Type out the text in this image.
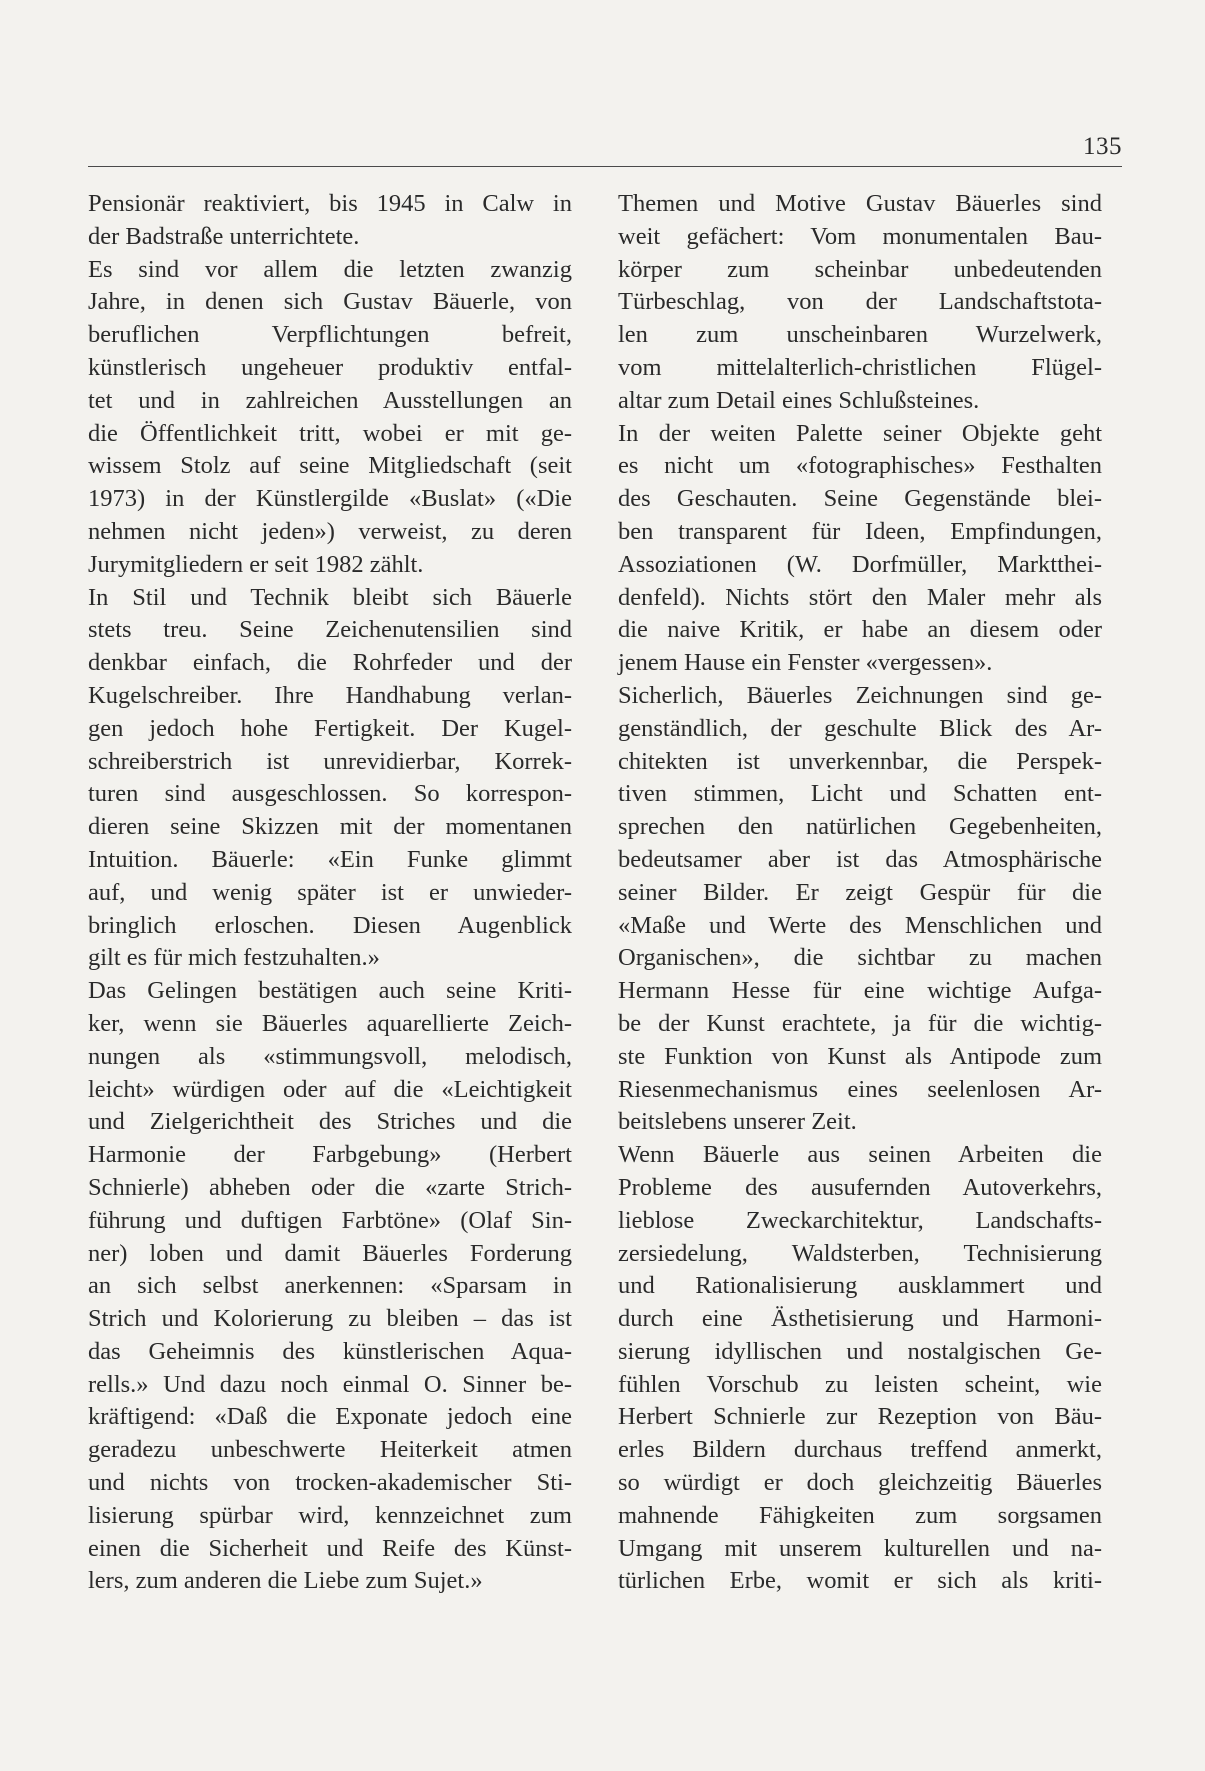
135
Pensionär reaktiviert, bis 1945 in Calw in
der Badstraße unterrichtete.
Es sind vor allem die letzten zwanzig
Jahre, in denen sich Gustav Bäuerle, von
beruflichen Verpflichtungen befreit,
künstlerisch ungeheuer produktiv entfal-
tet und in zahlreichen Ausstellungen an
die Öffentlichkeit tritt, wobei er mit ge-
wissem Stolz auf seine Mitgliedschaft (seit
1973) in der Künstlergilde «Buslat» («Die
nehmen nicht jeden») verweist, zu deren
Jurymitgliedern er seit 1982 zählt.
In Stil und Technik bleibt sich Bäuerle
stets treu. Seine Zeichenutensilien sind
denkbar einfach, die Rohrfeder und der
Kugelschreiber. Ihre Handhabung verlan-
gen jedoch hohe Fertigkeit. Der Kugel-
schreiberstrich ist unrevidierbar, Korrek-
turen sind ausgeschlossen. So korrespon-
dieren seine Skizzen mit der momentanen
Intuition. Bäuerle: «Ein Funke glimmt
auf, und wenig später ist er unwieder-
bringlich erloschen. Diesen Augenblick
gilt es für mich festzuhalten.»
Das Gelingen bestätigen auch seine Kriti-
ker, wenn sie Bäuerles aquarellierte Zeich-
nungen als «stimmungsvoll, melodisch,
leicht» würdigen oder auf die «Leichtigkeit
und Zielgerichtheit des Striches und die
Harmonie der Farbgebung» (Herbert
Schnierle) abheben oder die «zarte Strich-
führung und duftigen Farbtöne» (Olaf Sin-
ner) loben und damit Bäuerles Forderung
an sich selbst anerkennen: «Sparsam in
Strich und Kolorierung zu bleiben – das ist
das Geheimnis des künstlerischen Aqua-
rells.» Und dazu noch einmal O. Sinner be-
kräftigend: «Daß die Exponate jedoch eine
geradezu unbeschwerte Heiterkeit atmen
und nichts von trocken-akademischer Sti-
lisierung spürbar wird, kennzeichnet zum
einen die Sicherheit und Reife des Künst-
lers, zum anderen die Liebe zum Sujet.»
Themen und Motive Gustav Bäuerles sind
weit gefächert: Vom monumentalen Bau-
körper zum scheinbar unbedeutenden
Türbeschlag, von der Landschaftstota-
len zum unscheinbaren Wurzelwerk,
vom mittelalterlich-christlichen Flügel-
altar zum Detail eines Schlußsteines.
In der weiten Palette seiner Objekte geht
es nicht um «fotographisches» Festhalten
des Geschauten. Seine Gegenstände blei-
ben transparent für Ideen, Empfindungen,
Assoziationen (W. Dorfmüller, Marktthei-
denfeld). Nichts stört den Maler mehr als
die naive Kritik, er habe an diesem oder
jenem Hause ein Fenster «vergessen».
Sicherlich, Bäuerles Zeichnungen sind ge-
genständlich, der geschulte Blick des Ar-
chitekten ist unverkennbar, die Perspek-
tiven stimmen, Licht und Schatten ent-
sprechen den natürlichen Gegebenheiten,
bedeutsamer aber ist das Atmosphärische
seiner Bilder. Er zeigt Gespür für die
«Maße und Werte des Menschlichen und
Organischen», die sichtbar zu machen
Hermann Hesse für eine wichtige Aufga-
be der Kunst erachtete, ja für die wichtig-
ste Funktion von Kunst als Antipode zum
Riesenmechanismus eines seelenlosen Ar-
beitslebens unserer Zeit.
Wenn Bäuerle aus seinen Arbeiten die
Probleme des ausufernden Autoverkehrs,
lieblose Zweckarchitektur, Landschafts-
zersiedelung, Waldsterben, Technisierung
und Rationalisierung ausklammert und
durch eine Ästhetisierung und Harmoni-
sierung idyllischen und nostalgischen Ge-
fühlen Vorschub zu leisten scheint, wie
Herbert Schnierle zur Rezeption von Bäu-
erles Bildern durchaus treffend anmerkt,
so würdigt er doch gleichzeitig Bäuerles
mahnende Fähigkeiten zum sorgsamen
Umgang mit unserem kulturellen und na-
türlichen Erbe, womit er sich als kriti-
